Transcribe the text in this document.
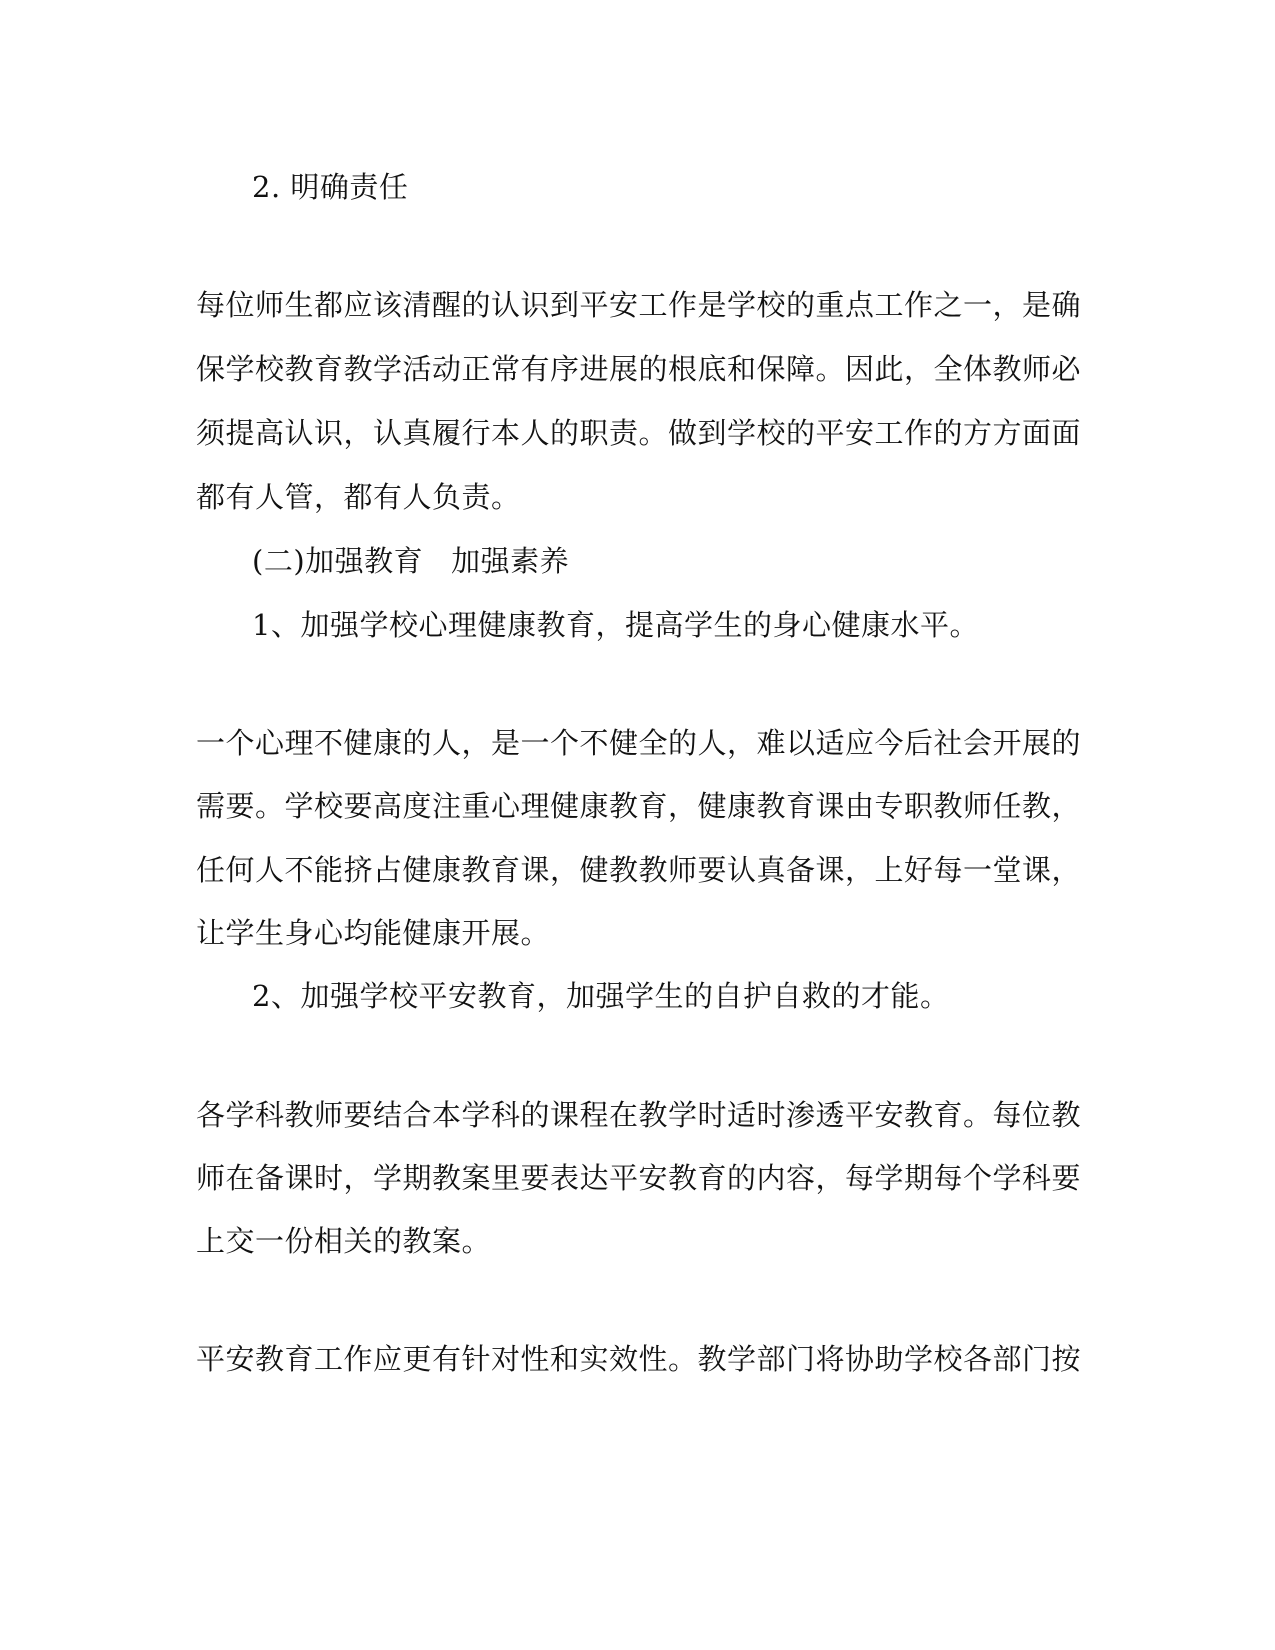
2. 明确责任
每位师生都应该清醒的认识到平安工作是学校的重点工作之一，是确
保学校教育教学活动正常有序进展的根底和保障。因此，全体教师必
须提高认识，认真履行本人的职责。做到学校的平安工作的方方面面
都有人管，都有人负责。
(二)加强教育 加强素养
1、加强学校心理健康教育，提高学生的身心健康水平。
一个心理不健康的人，是一个不健全的人，难以适应今后社会开展的
需要。学校要高度注重心理健康教育，健康教育课由专职教师任教，
任何人不能挤占健康教育课，健教教师要认真备课，上好每一堂课，
让学生身心均能健康开展。
2、加强学校平安教育，加强学生的自护自救的才能。
各学科教师要结合本学科的课程在教学时适时渗透平安教育。每位教
师在备课时，学期教案里要表达平安教育的内容，每学期每个学科要
上交一份相关的教案。
平安教育工作应更有针对性和实效性。教学部门将协助学校各部门按
